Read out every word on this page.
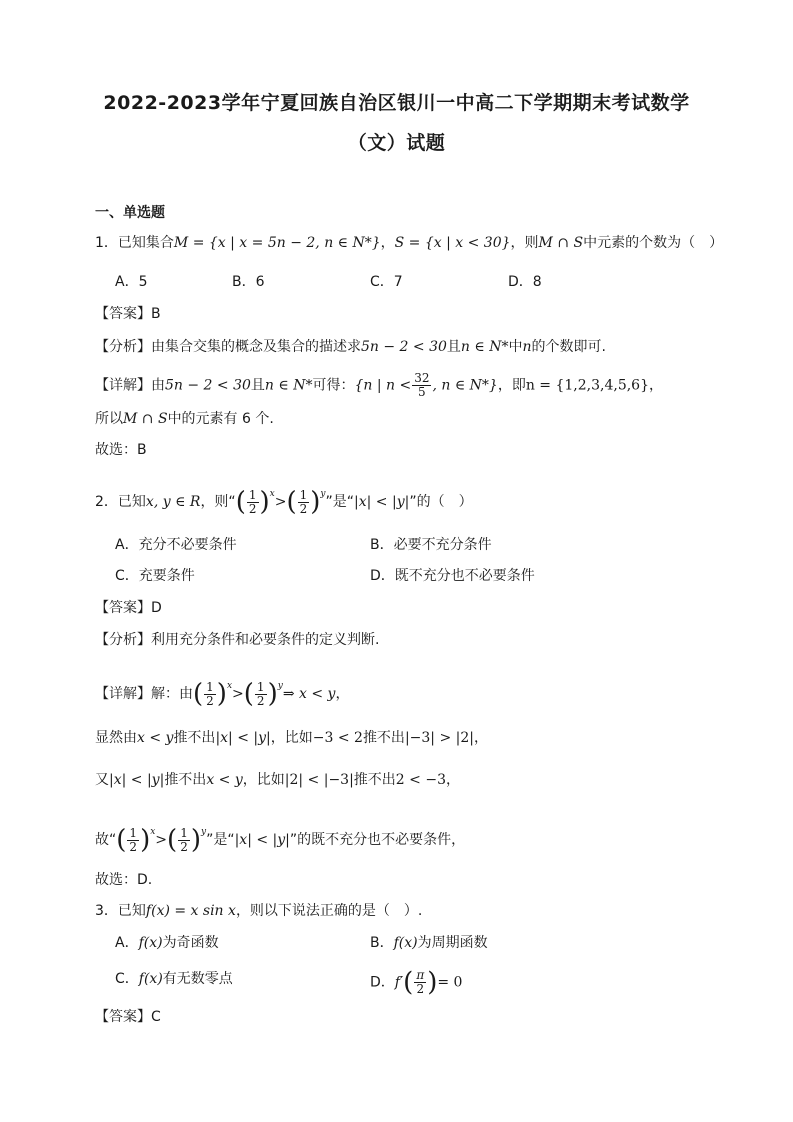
2022-2023学年宁夏回族自治区银川一中高二下学期期末考试数学
（文）试题
一、单选题
1．已知集合M = {x | x = 5n − 2, n ∈ N*}，S = {x | x < 30}，则M ∩ S中元素的个数为（　）
A．5	B．6	C．7	D．8
【答案】B
【分析】由集合交集的概念及集合的描述求5n − 2 < 30且n ∈ N*中n的个数即可.
【详解】由5n − 2 < 30且n ∈ N*可得：{n | $n < \frac{32}{5}$ , n ∈ N*}，即n = {1,2,3,4,5,6}，
所以M ∩ S中的元素有 6 个.
故选：B
2．已知x, y ∈ R，则“( $\frac{1}{2} )^x>( \frac{1}{2} )^y$”是“|x| < |y|”的（　）
A．充分不必要条件	B．必要不充分条件
C．充要条件	D．既不充分也不必要条件
【答案】D
【分析】利用充分条件和必要条件的定义判断.
【详解】解：由( $\frac{1}{2} )^x>( \frac{1}{2}$ )$^y\Rightarrow$ x < y，
显然由x < y推不出|x| < |y|，比如−3 < 2推不出|−3| > |2|，
又|x| < |y|推不出x < y，比如|2| < |−3|推不出2 < −3，
故“( $\frac{1}{2} )^x>( \frac{1}{2} )^y$”是“|x| < |y|”的既不充分也不必要条件，
故选：D.
3．已知f(x) = x sin x，则以下说法正确的是（　）.
A．f(x)为奇函数	B．f(x)为周期函数
C．f(x)有无数零点	D．$f'( \frac{\pi}{2}$ )= 0
【答案】C
